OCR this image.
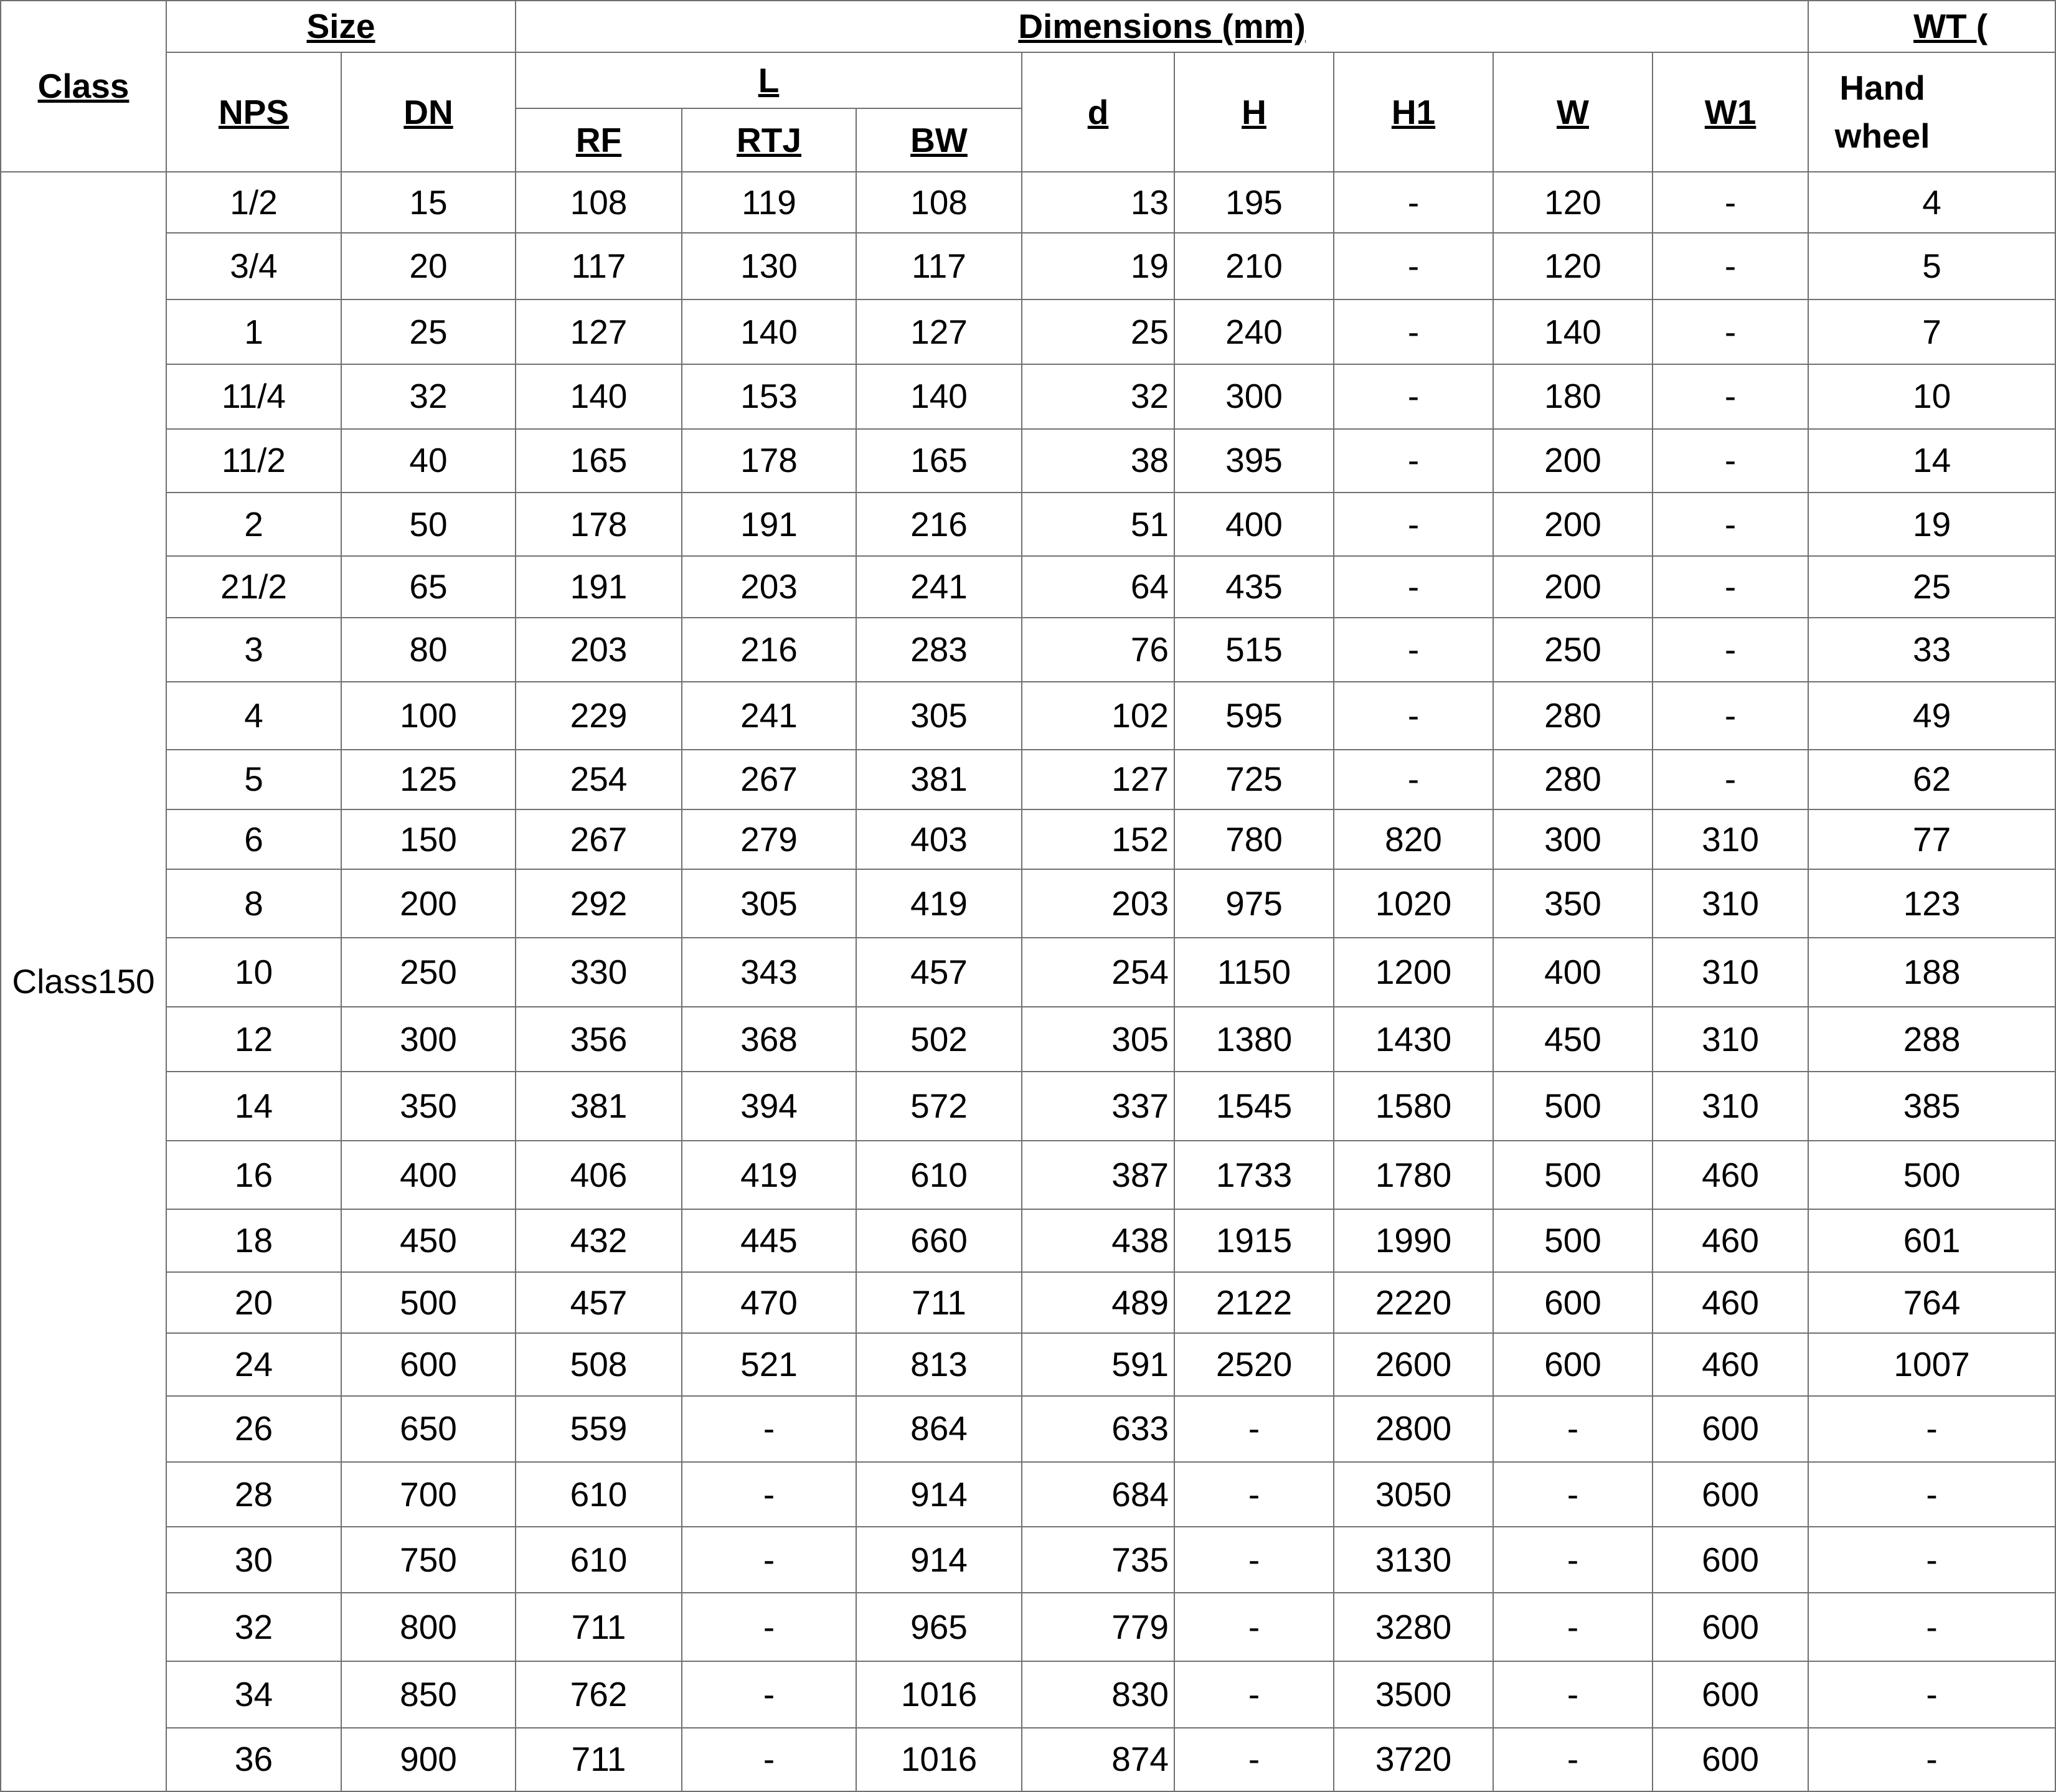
Class	Size		Dimensions (mm)								WT (
	NPS	DN	L			d	H	H1	W	W1	Hand wheel
			RF	RTJ	BW						
Class150	1/2	15	108	119	108	13	195	-	120	-	4
	3/4	20	117	130	117	19	210	-	120	-	5
	1	25	127	140	127	25	240	-	140	-	7
	11/4	32	140	153	140	32	300	-	180	-	10
	11/2	40	165	178	165	38	395	-	200	-	14
	2	50	178	191	216	51	400	-	200	-	19
	21/2	65	191	203	241	64	435	-	200	-	25
	3	80	203	216	283	76	515	-	250	-	33
	4	100	229	241	305	102	595	-	280	-	49
	5	125	254	267	381	127	725	-	280	-	62
	6	150	267	279	403	152	780	820	300	310	77
	8	200	292	305	419	203	975	1020	350	310	123
	10	250	330	343	457	254	1150	1200	400	310	188
	12	300	356	368	502	305	1380	1430	450	310	288
	14	350	381	394	572	337	1545	1580	500	310	385
	16	400	406	419	610	387	1733	1780	500	460	500
	18	450	432	445	660	438	1915	1990	500	460	601
	20	500	457	470	711	489	2122	2220	600	460	764
	24	600	508	521	813	591	2520	2600	600	460	1007
	26	650	559	-	864	633	-	2800	-	600	-
	28	700	610	-	914	684	-	3050	-	600	-
	30	750	610	-	914	735	-	3130	-	600	-
	32	800	711	-	965	779	-	3280	-	600	-
	34	850	762	-	1016	830	-	3500	-	600	-
	36	900	711	-	1016	874	-	3720	-	600	-
